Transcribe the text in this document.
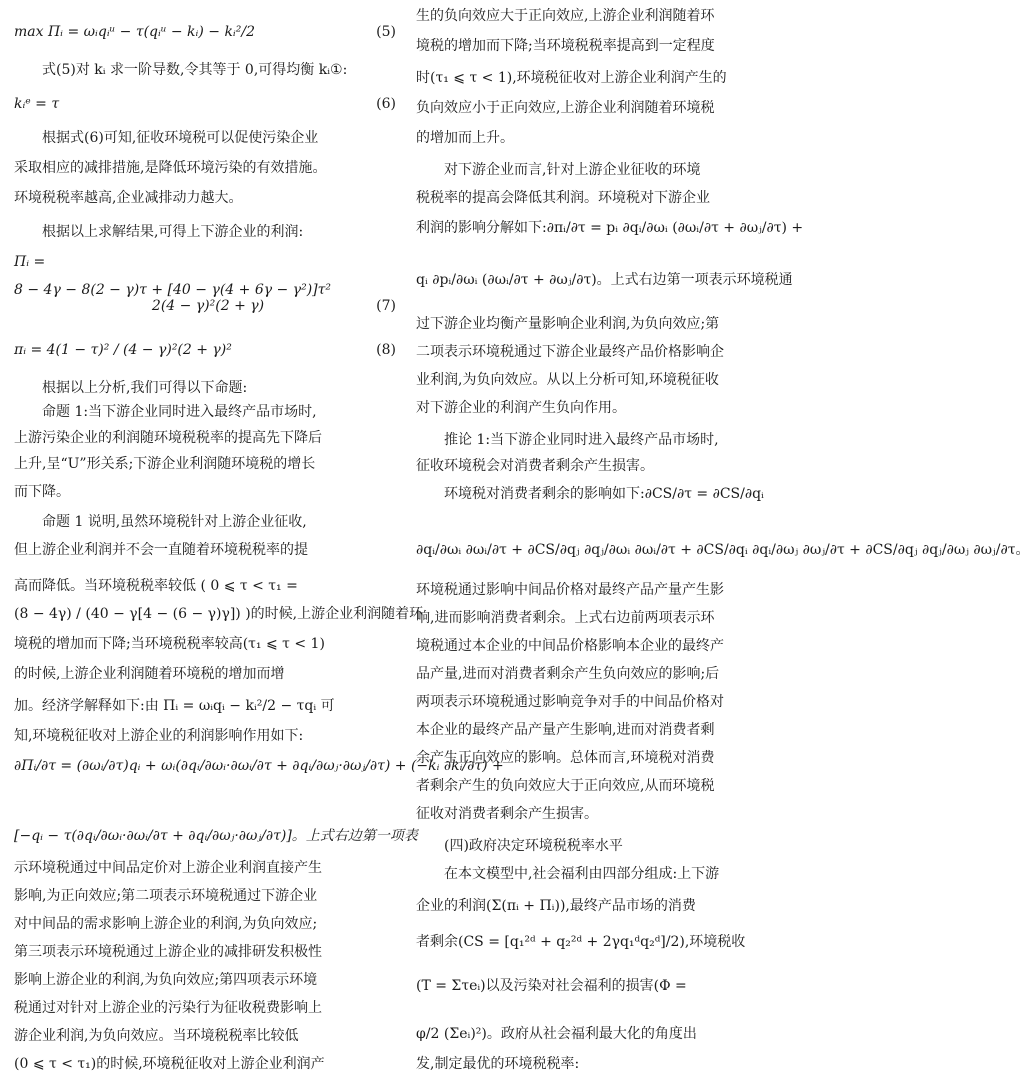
max Πᵢ = ωᵢqᵢᵘ − τ(qᵢᵘ − kᵢ) − kᵢ²/2	(5)
式(5)对 kᵢ 求一阶导数,令其等于 0,可得均衡 kᵢ①:
kᵢᵉ = τ	(6)
根据式(6)可知,征收环境税可以促使污染企业
采取相应的减排措施,是降低环境污染的有效措施。
环境税税率越高,企业减排动力越大。
根据以上求解结果,可得上下游企业的利润:
Πᵢ =
8 − 4γ − 8(2 − γ)τ + [40 − γ(4 + 6γ − γ²)]τ²
2(4 − γ)²(2 + γ)	(7)
πᵢ = 4(1 − τ)² / (4 − γ)²(2 + γ)²	(8)
根据以上分析,我们可得以下命题:
命题 1:当下游企业同时进入最终产品市场时,
上游污染企业的利润随环境税税率的提高先下降后
上升,呈“U”形关系;下游企业利润随环境税的增长
而下降。
命题 1 说明,虽然环境税针对上游企业征收,
但上游企业利润并不会一直随着环境税税率的提
高而降低。当环境税税率较低 ( 0 ⩽ τ < τ₁ =
(8 − 4γ) / (40 − γ[4 − (6 − γ)γ]) )的时候,上游企业利润随着环
境税的增加而下降;当环境税税率较高(τ₁ ⩽ τ < 1)
的时候,上游企业利润随着环境税的增加而增
加。经济学解释如下:由 Πᵢ = ωᵢqᵢ − kᵢ²/2 − τqᵢ 可
知,环境税征收对上游企业的利润影响作用如下:
∂Πᵢ/∂τ = (∂ωᵢ/∂τ)qᵢ + ωᵢ(∂qᵢ/∂ωᵢ·∂ωᵢ/∂τ + ∂qᵢ/∂ωⱼ·∂ωⱼ/∂τ) + (−kᵢ ∂kᵢ/∂τ) +
[−qᵢ − τ(∂qᵢ/∂ωᵢ·∂ωᵢ/∂τ + ∂qᵢ/∂ωⱼ·∂ωⱼ/∂τ)]。上式右边第一项表
示环境税通过中间品定价对上游企业利润直接产生
影响,为正向效应;第二项表示环境税通过下游企业
对中间品的需求影响上游企业的利润,为负向效应;
第三项表示环境税通过上游企业的减排研发积极性
影响上游企业的利润,为负向效应;第四项表示环境
税通过对针对上游企业的污染行为征收税费影响上
游企业利润,为负向效应。当环境税税率比较低
(0 ⩽ τ < τ₁)的时候,环境税征收对上游企业利润产
生的负向效应大于正向效应,上游企业利润随着环
境税的增加而下降;当环境税税率提高到一定程度
时(τ₁ ⩽ τ < 1),环境税征收对上游企业利润产生的
负向效应小于正向效应,上游企业利润随着环境税
的增加而上升。
对下游企业而言,针对上游企业征收的环境
税税率的提高会降低其利润。环境税对下游企业
利润的影响分解如下:∂πᵢ/∂τ = pᵢ ∂qᵢ/∂ωᵢ (∂ωᵢ/∂τ + ∂ωⱼ/∂τ) +
qᵢ ∂pᵢ/∂ωᵢ (∂ωᵢ/∂τ + ∂ωⱼ/∂τ)。上式右边第一项表示环境税通
过下游企业均衡产量影响企业利润,为负向效应;第
二项表示环境税通过下游企业最终产品价格影响企
业利润,为负向效应。从以上分析可知,环境税征收
对下游企业的利润产生负向作用。
推论 1:当下游企业同时进入最终产品市场时,
征收环境税会对消费者剩余产生损害。
环境税对消费者剩余的影响如下:∂CS/∂τ = ∂CS/∂qᵢ
∂qᵢ/∂ωᵢ ∂ωᵢ/∂τ + ∂CS/∂qⱼ ∂qⱼ/∂ωᵢ ∂ωᵢ/∂τ + ∂CS/∂qᵢ ∂qᵢ/∂ωⱼ ∂ωⱼ/∂τ + ∂CS/∂qⱼ ∂qⱼ/∂ωⱼ ∂ωⱼ/∂τ。
环境税通过影响中间品价格对最终产品产量产生影
响,进而影响消费者剩余。上式右边前两项表示环
境税通过本企业的中间品价格影响本企业的最终产
品产量,进而对消费者剩余产生负向效应的影响;后
两项表示环境税通过影响竞争对手的中间品价格对
本企业的最终产品产量产生影响,进而对消费者剩
余产生正向效应的影响。总体而言,环境税对消费
者剩余产生的负向效应大于正向效应,从而环境税
征收对消费者剩余产生损害。
(四)政府决定环境税税率水平
在本文模型中,社会福利由四部分组成:上下游
企业的利润(Σ(πᵢ + Πᵢ)),最终产品市场的消费
者剩余(CS = [q₁²ᵈ + q₂²ᵈ + 2γq₁ᵈq₂ᵈ]/2),环境税收
(T = Στeᵢ)以及污染对社会福利的损害(Φ =
φ/2 (Σeᵢ)²)。政府从社会福利最大化的角度出
发,制定最优的环境税税率:
